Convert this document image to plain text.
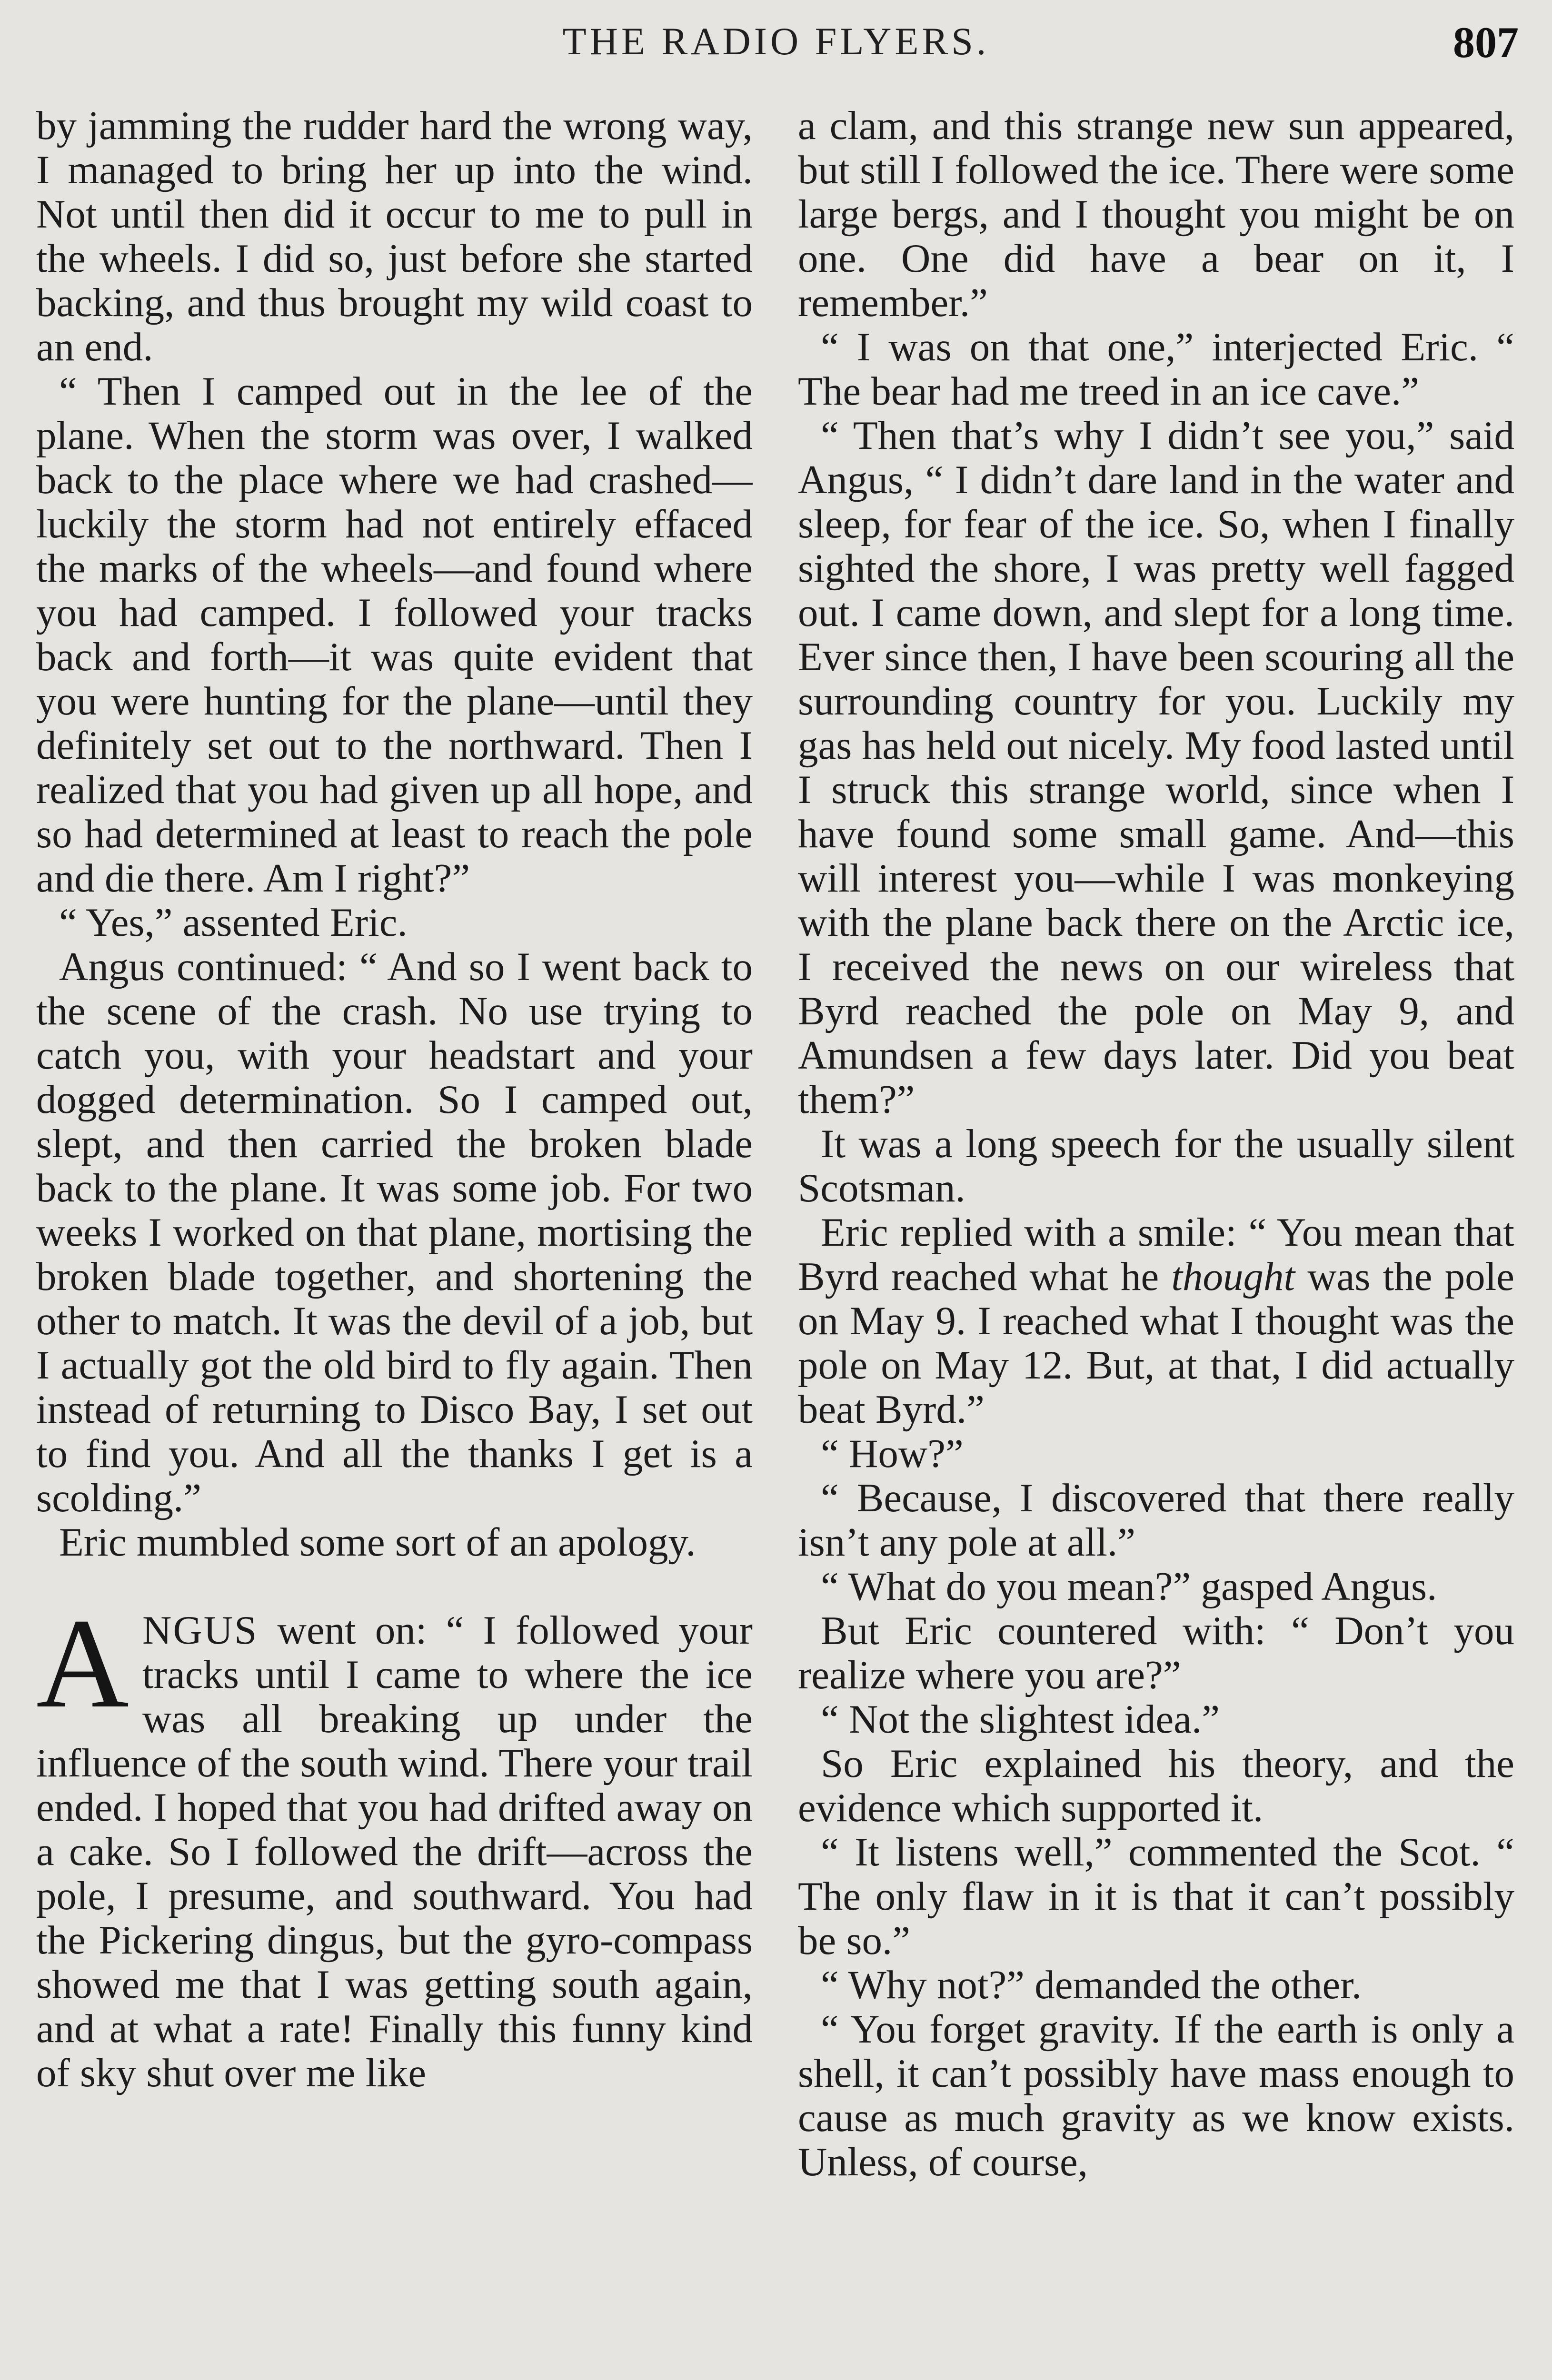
THE RADIO FLYERS.	807

by jamming the rudder hard the wrong way, I managed to bring her up into the wind. Not until then did it occur to me to pull in the wheels. I did so, just before she started backing, and thus brought my wild coast to an end.

“ Then I camped out in the lee of the plane. When the storm was over, I walked back to the place where we had crashed—luckily the storm had not entirely effaced the marks of the wheels—and found where you had camped. I followed your tracks back and forth—it was quite evident that you were hunting for the plane—until they definitely set out to the northward. Then I realized that you had given up all hope, and so had determined at least to reach the pole and die there. Am I right?”

“ Yes,” assented Eric.

Angus continued: “ And so I went back to the scene of the crash. No use trying to catch you, with your headstart and your dogged determination. So I camped out, slept, and then carried the broken blade back to the plane. It was some job. For two weeks I worked on that plane, mortising the broken blade together, and shortening the other to match. It was the devil of a job, but I actually got the old bird to fly again. Then instead of returning to Disco Bay, I set out to find you. And all the thanks I get is a scolding.”

Eric mumbled some sort of an apology.

ANGUS went on: “ I followed your tracks until I came to where the ice was all breaking up under the influence of the south wind. There your trail ended. I hoped that you had drifted away on a cake. So I followed the drift—across the pole, I presume, and southward. You had the Pickering dingus, but the gyro-compass showed me that I was getting south again, and at what a rate! Finally this funny kind of sky shut over me like

a clam, and this strange new sun appeared, but still I followed the ice. There were some large bergs, and I thought you might be on one. One did have a bear on it, I remember.”

“ I was on that one,” interjected Eric. “ The bear had me treed in an ice cave.”

“ Then that’s why I didn’t see you,” said Angus, “ I didn’t dare land in the water and sleep, for fear of the ice. So, when I finally sighted the shore, I was pretty well fagged out. I came down, and slept for a long time. Ever since then, I have been scouring all the surrounding country for you. Luckily my gas has held out nicely. My food lasted until I struck this strange world, since when I have found some small game. And—this will interest you—while I was monkeying with the plane back there on the Arctic ice, I received the news on our wireless that Byrd reached the pole on May 9, and Amundsen a few days later. Did you beat them?”

It was a long speech for the usually silent Scotsman.

Eric replied with a smile: “ You mean that Byrd reached what he thought was the pole on May 9. I reached what I thought was the pole on May 12. But, at that, I did actually beat Byrd.”

“ How?”

“ Because, I discovered that there really isn’t any pole at all.”

“ What do you mean?” gasped Angus.

But Eric countered with: “ Don’t you realize where you are?”

“ Not the slightest idea.”

So Eric explained his theory, and the evidence which supported it.

“ It listens well,” commented the Scot. “ The only flaw in it is that it can’t possibly be so.”

“ Why not?” demanded the other.

“ You forget gravity. If the earth is only a shell, it can’t possibly have mass enough to cause as much gravity as we know exists. Unless, of course,
